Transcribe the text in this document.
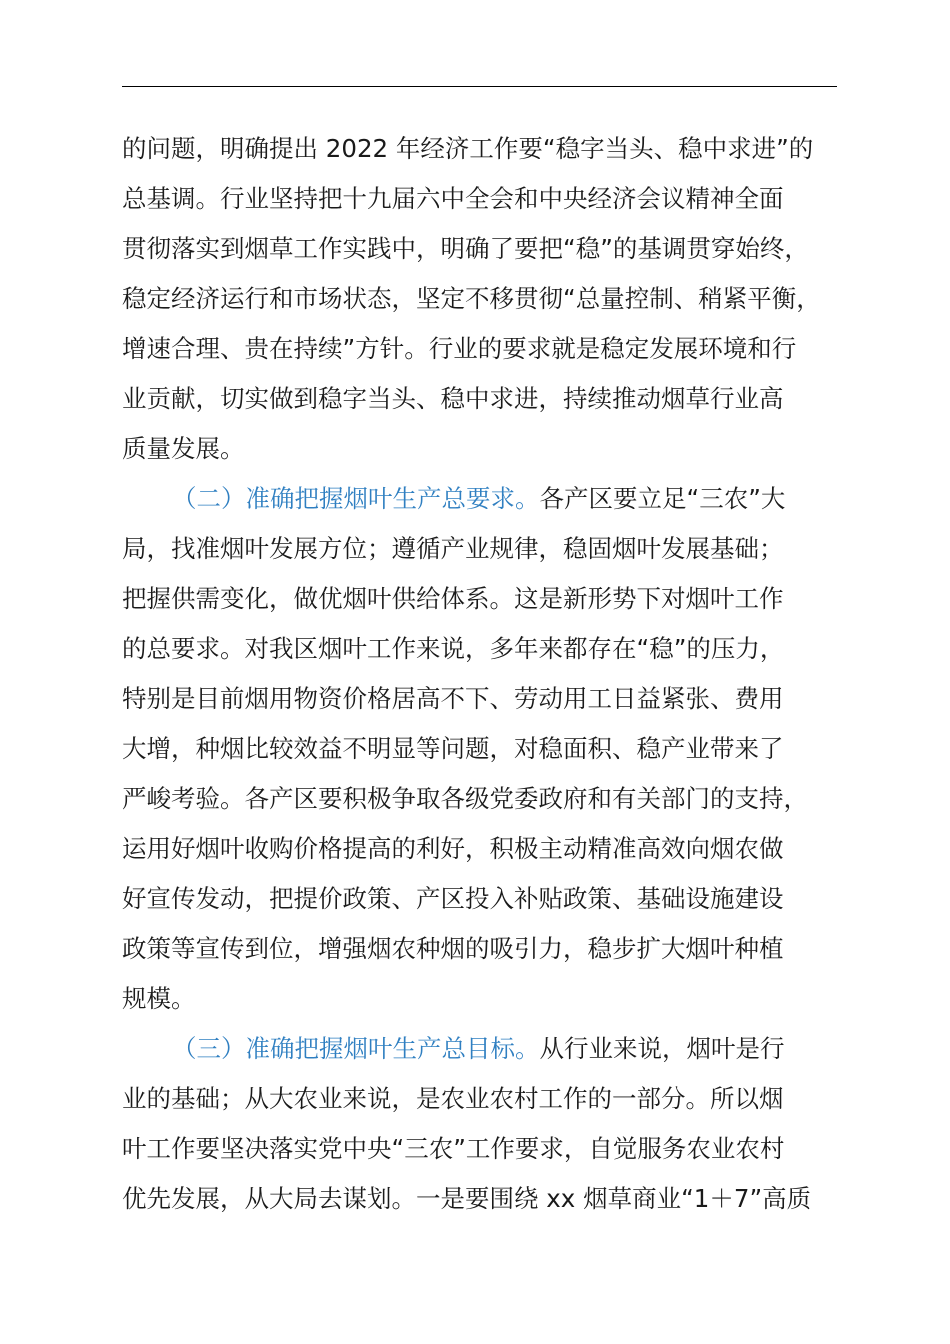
的问题，明确提出 2022 年经济工作要“稳字当头、稳中求进”的
总基调。行业坚持把十九届六中全会和中央经济会议精神全面
贯彻落实到烟草工作实践中，明确了要把“稳”的基调贯穿始终，
稳定经济运行和市场状态，坚定不移贯彻“总量控制、稍紧平衡，
增速合理、贵在持续”方针。行业的要求就是稳定发展环境和行
业贡献，切实做到稳字当头、稳中求进，持续推动烟草行业高
质量发展。
（二）准确把握烟叶生产总要求。各产区要立足“三农”大
局，找准烟叶发展方位；遵循产业规律，稳固烟叶发展基础；
把握供需变化，做优烟叶供给体系。这是新形势下对烟叶工作
的总要求。对我区烟叶工作来说，多年来都存在“稳”的压力，
特别是目前烟用物资价格居高不下、劳动用工日益紧张、费用
大增，种烟比较效益不明显等问题，对稳面积、稳产业带来了
严峻考验。各产区要积极争取各级党委政府和有关部门的支持，
运用好烟叶收购价格提高的利好，积极主动精准高效向烟农做
好宣传发动，把提价政策、产区投入补贴政策、基础设施建设
政策等宣传到位，增强烟农种烟的吸引力，稳步扩大烟叶种植
规模。
（三）准确把握烟叶生产总目标。从行业来说，烟叶是行
业的基础；从大农业来说，是农业农村工作的一部分。所以烟
叶工作要坚决落实党中央“三农”工作要求，自觉服务农业农村
优先发展，从大局去谋划。一是要围绕 xx 烟草商业“1＋7”高质
